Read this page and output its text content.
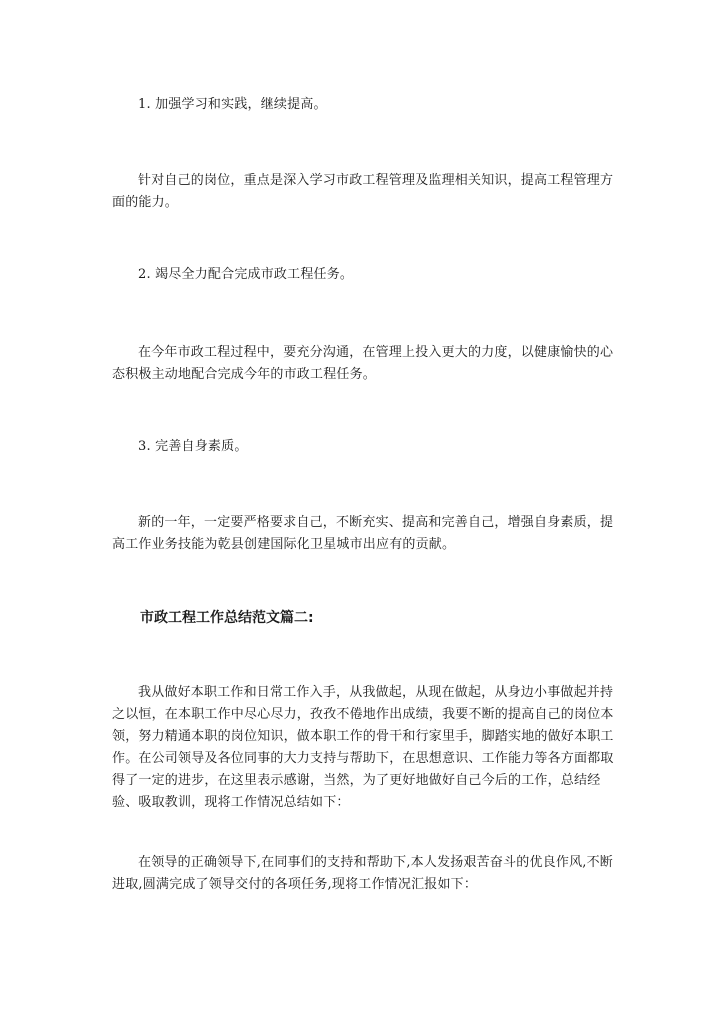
1. 加强学习和实践，继续提高。

针对自己的岗位，重点是深入学习市政工程管理及监理相关知识，提高工程管理方面的能力。

2. 竭尽全力配合完成市政工程任务。

在今年市政工程过程中，要充分沟通，在管理上投入更大的力度，以健康愉快的心态积极主动地配合完成今年的市政工程任务。

3. 完善自身素质。

新的一年，一定要严格要求自己，不断充实、提高和完善自己，增强自身素质，提高工作业务技能为乾县创建国际化卫星城市出应有的贡献。

市政工程工作总结范文篇二:

我从做好本职工作和日常工作入手，从我做起，从现在做起，从身边小事做起并持之以恒，在本职工作中尽心尽力，孜孜不倦地作出成绩，我要不断的提高自己的岗位本领，努力精通本职的岗位知识，做本职工作的骨干和行家里手，脚踏实地的做好本职工作。在公司领导及各位同事的大力支持与帮助下，在思想意识、工作能力等各方面都取得了一定的进步，在这里表示感谢，当然，为了更好地做好自己今后的工作，总结经验、吸取教训，现将工作情况总结如下：

在领导的正确领导下,在同事们的支持和帮助下,本人发扬艰苦奋斗的优良作风,不断进取,圆满完成了领导交付的各项任务,现将工作情况汇报如下：
